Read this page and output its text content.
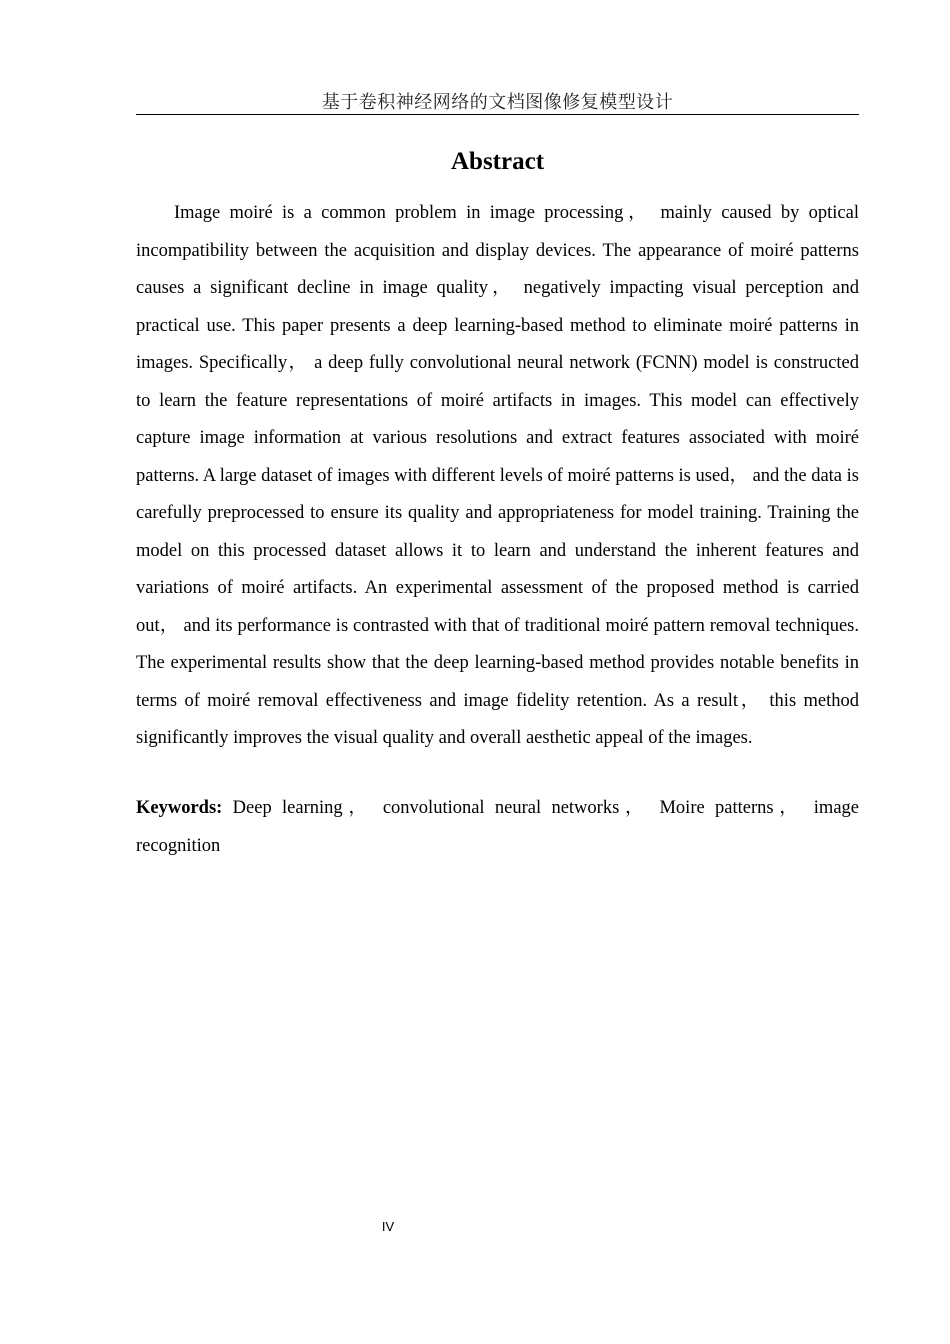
基于卷积神经网络的文档图像修复模型设计
Abstract

Image moiré is a common problem in image processing， mainly caused by optical incompatibility between the acquisition and display devices. The appearance of moiré patterns causes a significant decline in image quality， negatively impacting visual perception and practical use. This paper presents a deep learning-based method to eliminate moiré patterns in images. Specifically， a deep fully convolutional neural network (FCNN) model is constructed to learn the feature representations of moiré artifacts in images. This model can effectively capture image information at various resolutions and extract features associated with moiré patterns. A large dataset of images with different levels of moiré patterns is used， and the data is carefully preprocessed to ensure its quality and appropriateness for model training. Training the model on this processed dataset allows it to learn and understand the inherent features and variations of moiré artifacts. An experimental assessment of the proposed method is carried out， and its performance is contrasted with that of traditional moiré pattern removal techniques. The experimental results show that the deep learning-based method provides notable benefits in terms of moiré removal effectiveness and image fidelity retention. As a result， this method significantly improves the visual quality and overall aesthetic appeal of the images.

Keywords: Deep learning， convolutional neural networks， Moire patterns， image recognition

IV
